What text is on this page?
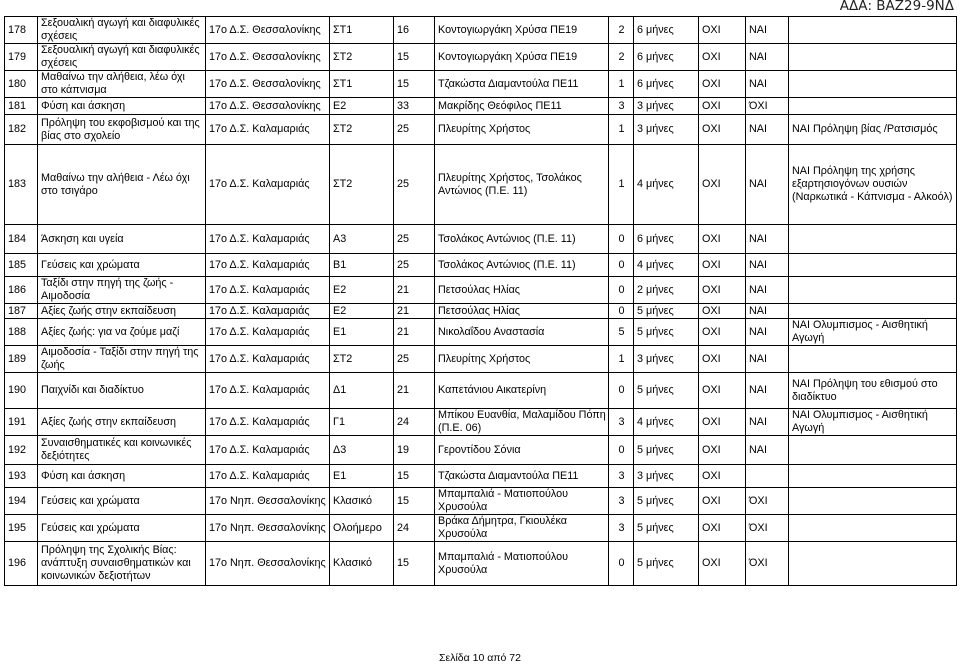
ΑΔΑ: ΒΑΖ29-9ΝΔ
178	Σεξουαλική αγωγή και διαφυλικές σχέσεις	17ο Δ.Σ. Θεσσαλονίκης	ΣΤ1	16	Κοντογιωργάκη Χρύσα ΠΕ19	2	6 μήνες	ΟΧΙ	ΝΑΙ	
179	Σεξουαλική αγωγή και διαφυλικές σχέσεις	17ο Δ.Σ. Θεσσαλονίκης	ΣΤ2	15	Κοντογιωργάκη Χρύσα ΠΕ19	2	6 μήνες	ΟΧΙ	ΝΑΙ	
180	Μαθαίνω την αλήθεια, λέω όχι στο κάπνισμα	17ο Δ.Σ. Θεσσαλονίκης	ΣΤ1	15	Τζακώστα Διαμαντούλα ΠΕ11	1	6 μήνες	ΟΧΙ	ΝΑΙ	
181	Φύση και άσκηση	17ο Δ.Σ. Θεσσαλονίκης	Ε2	33	Μακρίδης Θεόφιλος ΠΕ11	3	3 μήνες	ΟΧΙ	ΌΧΙ	
182	Πρόληψη του εκφοβισμού και της βίας στο σχολείο	17ο Δ.Σ. Καλαμαριάς	ΣΤ2	25	Πλευρίτης Χρήστος	1	3 μήνες	ΟΧΙ	ΝΑΙ	ΝΑΙ Πρόληψη βίας /Ρατσισμός
183	Μαθαίνω την αλήθεια - Λέω όχι στο τσιγάρο	17ο Δ.Σ. Καλαμαριάς	ΣΤ2	25	Πλευρίτης Χρήστος, Τσολάκος Αντώνιος (Π.Ε. 11)	1	4 μήνες	ΟΧΙ	ΝΑΙ	ΝΑΙ Πρόληψη της χρήσης εξαρτησιογόνων ουσιών (Ναρκωτικά - Κάπνισμα - Αλκοόλ)
184	Άσκηση και υγεία	17ο Δ.Σ. Καλαμαριάς	Α3	25	Τσολάκος Αντώνιος (Π.Ε. 11)	0	6 μήνες	ΟΧΙ	ΝΑΙ	
185	Γεύσεις και χρώματα	17ο Δ.Σ. Καλαμαριάς	Β1	25	Τσολάκος Αντώνιος (Π.Ε. 11)	0	4 μήνες	ΟΧΙ	ΝΑΙ	
186	Ταξίδι στην πηγή της ζωής - Αιμοδοσία	17ο Δ.Σ. Καλαμαριάς	Ε2	21	Πετσούλας Ηλίας	0	2 μήνες	ΟΧΙ	ΝΑΙ	
187	Αξίες ζωής στην εκπαίδευση	17ο Δ.Σ. Καλαμαριάς	Ε2	21	Πετσούλας Ηλίας	0	5 μήνες	ΟΧΙ	ΝΑΙ	
188	Αξίες ζωής: για να ζούμε μαζί	17ο Δ.Σ. Καλαμαριάς	Ε1	21	Νικολαΐδου Αναστασία	5	5 μήνες	ΟΧΙ	ΝΑΙ	ΝΑΙ Ολυμπισμος - Αισθητική Αγωγή
189	Αιμοδοσία - Ταξίδι στην πηγή της ζωής	17ο Δ.Σ. Καλαμαριάς	ΣΤ2	25	Πλευρίτης Χρήστος	1	3 μήνες	ΟΧΙ	ΝΑΙ	
190	Παιχνίδι και διαδίκτυο	17ο Δ.Σ. Καλαμαριάς	Δ1	21	Καπετάνιου Αικατερίνη	0	5 μήνες	ΟΧΙ	ΝΑΙ	ΝΑΙ Πρόληψη του εθισμού στο διαδίκτυο
191	Αξίες ζωής στην εκπαίδευση	17ο Δ.Σ. Καλαμαριάς	Γ1	24	Μπίκου Ευανθία, Μαλαμίδου Πόπη (Π.Ε. 06)	3	4 μήνες	ΟΧΙ	ΝΑΙ	ΝΑΙ Ολυμπισμος - Αισθητική Αγωγή
192	Συναισθηματικές και κοινωνικές δεξιότητες	17ο Δ.Σ. Καλαμαριάς	Δ3	19	Γεροντίδου Σόνια	0	5 μήνες	ΟΧΙ	ΝΑΙ	
193	Φύση και άσκηση	17ο Δ.Σ. Καλαμαριάς	Ε1	15	Τζακώστα Διαμαντούλα ΠΕ11	3	3 μήνες	ΟΧΙ		
194	Γεύσεις και χρώματα	17ο Νηπ. Θεσσαλονίκης	Κλασικό	15	Μπαμπαλιά - Ματιοπούλου Χρυσούλα	3	5 μήνες	ΟΧΙ	ΌΧΙ	
195	Γεύσεις και χρώματα	17ο Νηπ. Θεσσαλονίκης	Ολοήμερο	24	Βράκα Δήμητρα, Γκιουλέκα Χρυσούλα	3	5 μήνες	ΟΧΙ	ΌΧΙ	
196	Πρόληψη της Σχολικής Βίας: ανάπτυξη συναισθηματικών και κοινωνικών δεξιοτήτων	17ο Νηπ. Θεσσαλονίκης	Κλασικό	15	Μπαμπαλιά - Ματιοπούλου Χρυσούλα	0	5 μήνες	ΟΧΙ	ΌΧΙ	
Σελίδα 10 από 72
